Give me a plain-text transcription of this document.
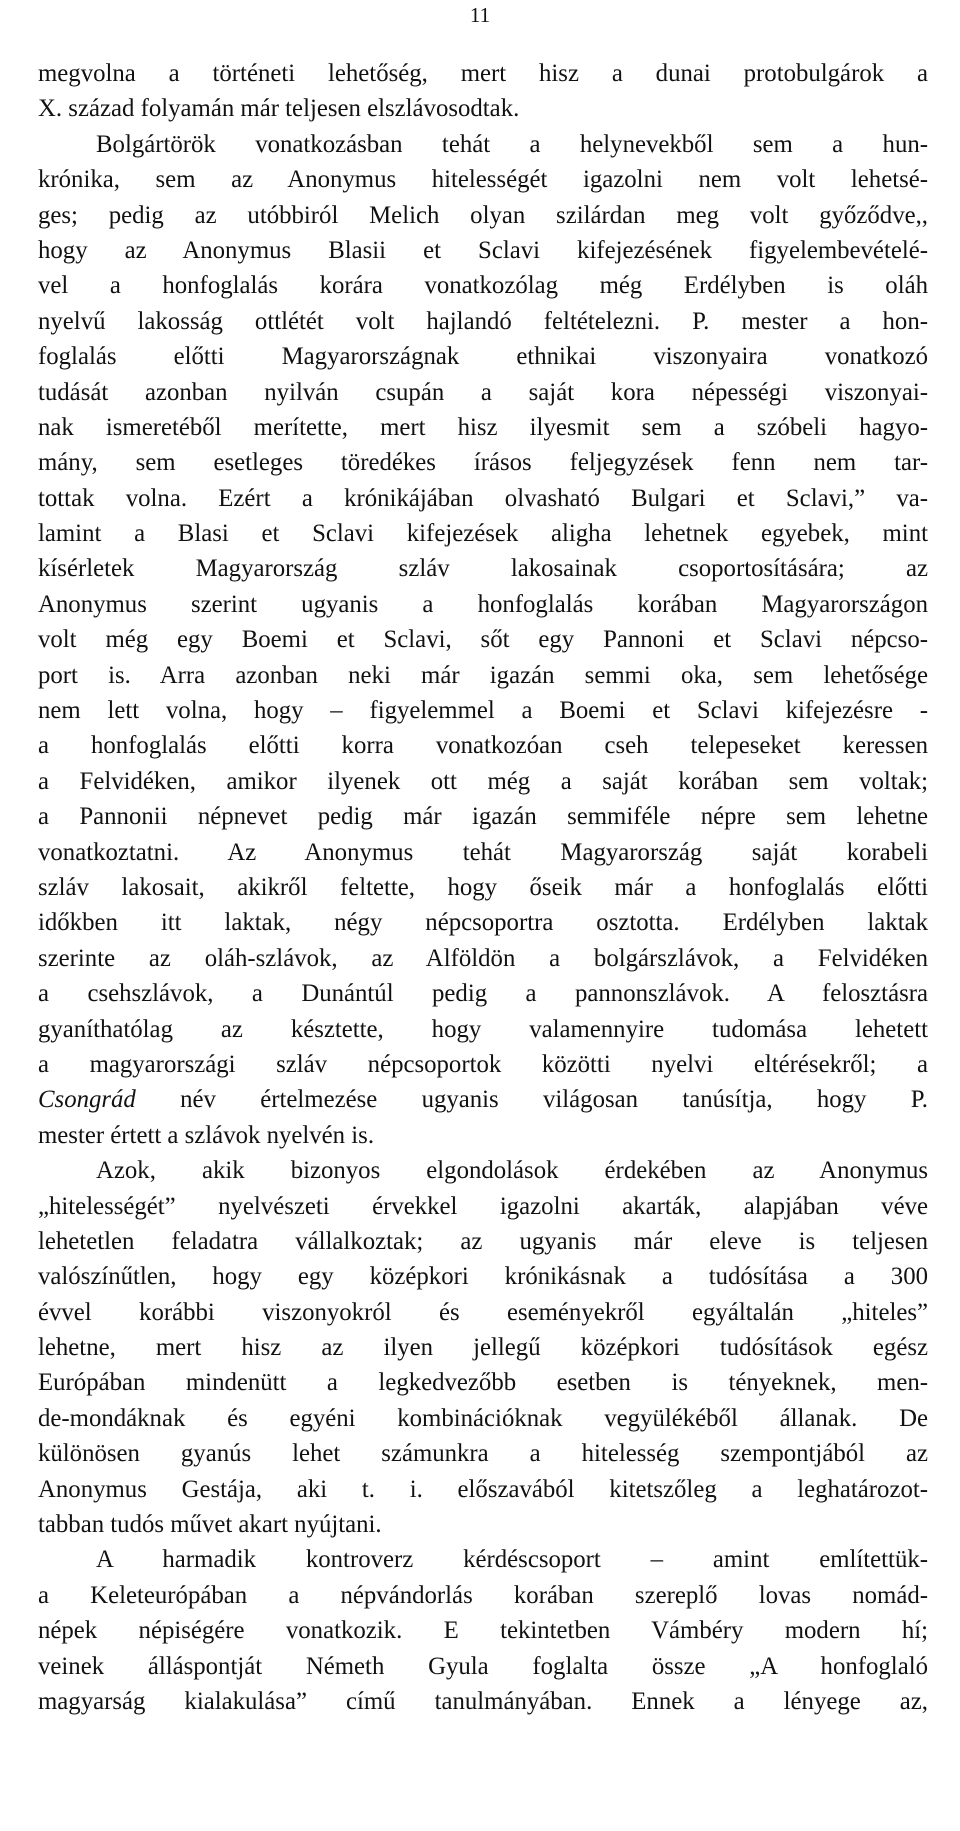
11
megvolna a történeti lehetőség, mert hisz a dunai protobulgárok a
X. század folyamán már teljesen elszlávosodtak.
Bolgártörök vonatkozásban tehát a helynevekből sem a hun-
krónika, sem az Anonymus hitelességét igazolni nem volt lehetsé-
ges; pedig az utóbbiról Melich olyan szilárdan meg volt győződve,,
hogy az Anonymus Blasii et Sclavi kifejezésének figyelembevételé-
vel a honfoglalás korára vonatkozólag még Erdélyben is oláh
nyelvű lakosság ottlétét volt hajlandó feltételezni. P. mester a hon-
foglalás előtti Magyarországnak ethnikai viszonyaira vonatkozó
tudását azonban nyilván csupán a saját kora népességi viszonyai-
nak ismeretéből merítette, mert hisz ilyesmit sem a szóbeli hagyo-
mány, sem esetleges töredékes írásos feljegyzések fenn nem tar-
tottak volna. Ezért a krónikájában olvasható Bulgari et Sclavi,” va-
lamint a Blasi et Sclavi kifejezések aligha lehetnek egyebek, mint
kísérletek Magyarország szláv lakosainak csoportosítására; az
Anonymus szerint ugyanis a honfoglalás korában Magyarországon
volt még egy Boemi et Sclavi, sőt egy Pannoni et Sclavi népcso-
port is. Arra azonban neki már igazán semmi oka, sem lehetősége
nem lett volna, hogy – figyelemmel a Boemi et Sclavi kifejezésre -
a honfoglalás előtti korra vonatkozóan cseh telepeseket keressen
a Felvidéken, amikor ilyenek ott még a saját korában sem voltak;
a Pannonii népnevet pedig már igazán semmiféle népre sem lehetne
vonatkoztatni. Az Anonymus tehát Magyarország saját korabeli
szláv lakosait, akikről feltette, hogy őseik már a honfoglalás előtti
időkben itt laktak, négy népcsoportra osztotta. Erdélyben laktak
szerinte az oláh-szlávok, az Alföldön a bolgárszlávok, a Felvidéken
a csehszlávok, a Dunántúl pedig a pannonszlávok. A felosztásra
gyaníthatólag az késztette, hogy valamennyire tudomása lehetett
a magyarországi szláv népcsoportok közötti nyelvi eltérésekről; a
Csongrád név értelmezése ugyanis világosan tanúsítja, hogy P.
mester értett a szlávok nyelvén is.
Azok, akik bizonyos elgondolások érdekében az Anonymus
„hitelességét” nyelvészeti érvekkel igazolni akarták, alapjában véve
lehetetlen feladatra vállalkoztak; az ugyanis már eleve is teljesen
valószínűtlen, hogy egy középkori krónikásnak a tudósítása a 300
évvel korábbi viszonyokról és eseményekről egyáltalán „hiteles”
lehetne, mert hisz az ilyen jellegű középkori tudósítások egész
Európában mindenütt a legkedvezőbb esetben is tényeknek, men-
de-mondáknak és egyéni kombinációknak vegyülékéből állanak. De
különösen gyanús lehet számunkra a hitelesség szempontjából az
Anonymus Gestája, aki t. i. előszavából kitetszőleg a leghatározot-
tabban tudós művet akart nyújtani.
A harmadik kontroverz kérdéscsoport – amint említettük-
a Keleteurópában a népvándorlás korában szereplő lovas nomád-
népek népiségére vonatkozik. E tekintetben Vámbéry modern hí;
veinek álláspontját Németh Gyula foglalta össze „A honfoglaló
magyarság kialakulása” című tanulmányában. Ennek a lényege az,
